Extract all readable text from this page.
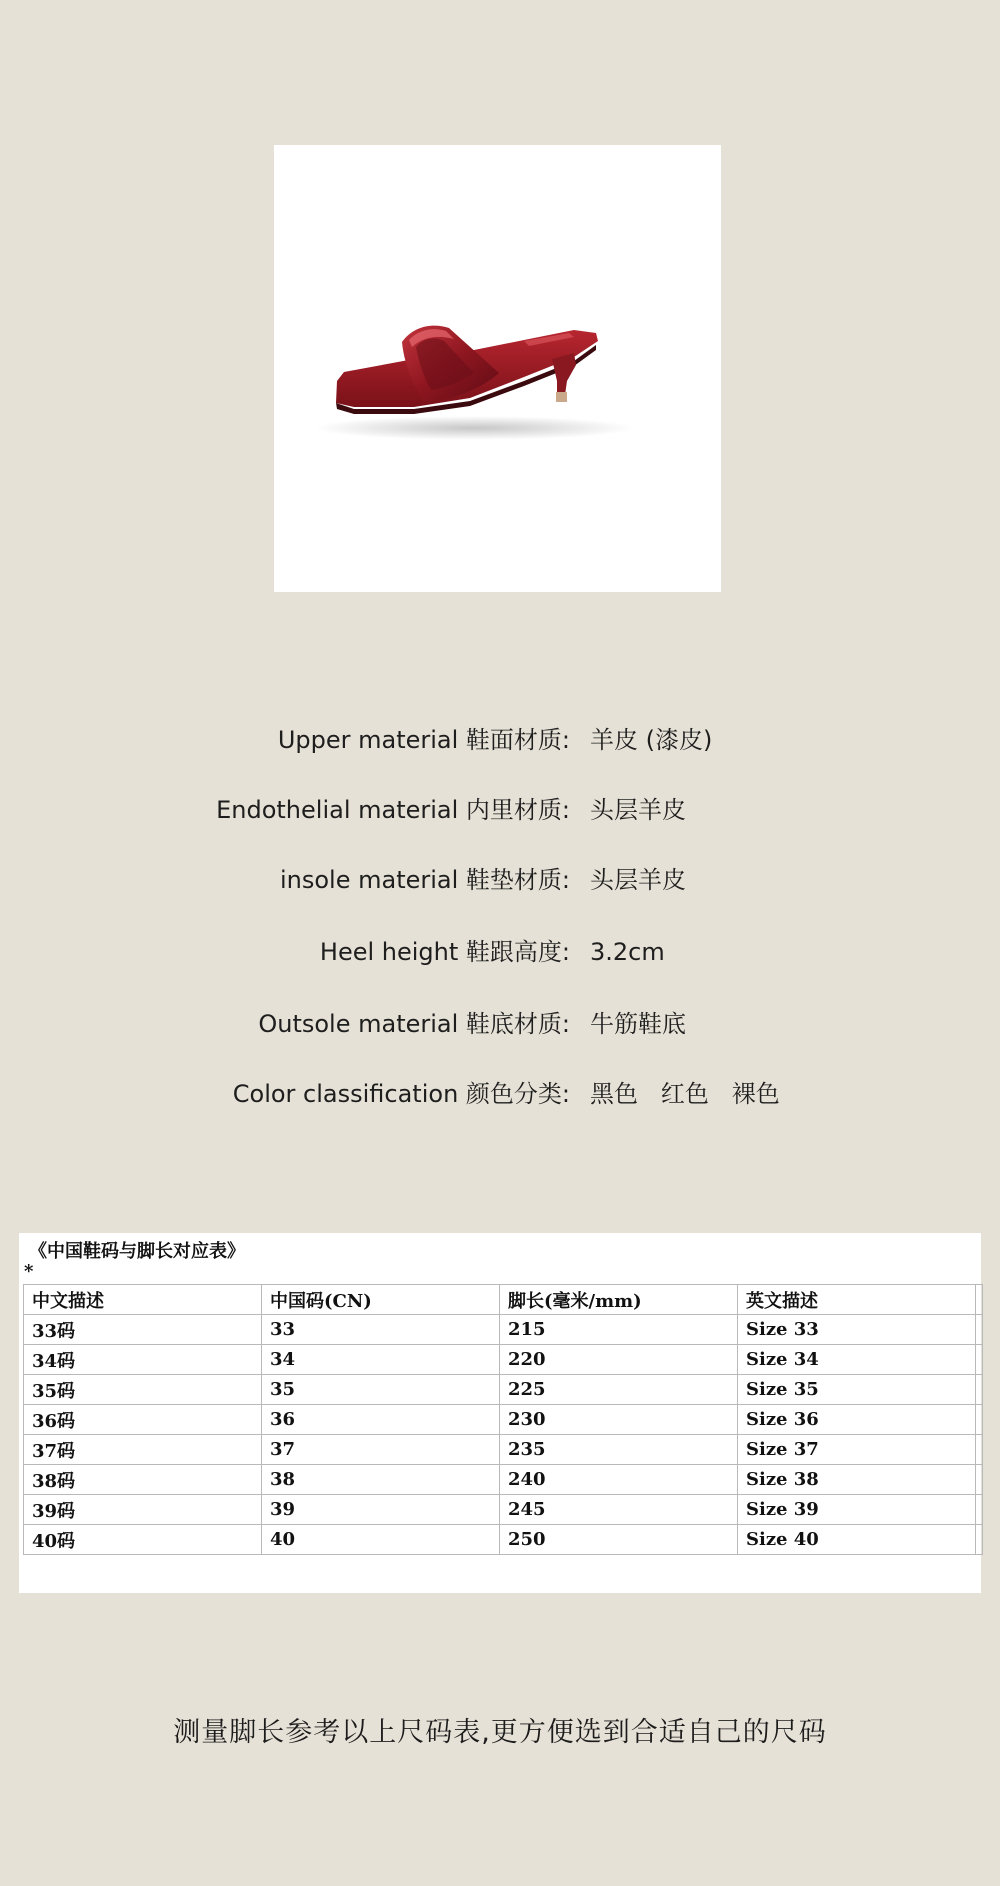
Upper material 鞋面材质: 羊皮 (漆皮)
Endothelial material 内里材质: 头层羊皮
insole material 鞋垫材质: 头层羊皮
Heel height 鞋跟高度: 3.2cm
Outsole material 鞋底材质: 牛筋鞋底
Color classification 颜色分类: 黑色   红色   裸色
《中国鞋码与脚长对应表》
*
中文描述	中国码(CN)	脚长(毫米/mm)	英文描述	
33码	33	215	Size 33	
34码	34	220	Size 34	
35码	35	225	Size 35	
36码	36	230	Size 36	
37码	37	235	Size 37	
38码	38	240	Size 38	
39码	39	245	Size 39	
40码	40	250	Size 40	
测量脚长参考以上尺码表,更方便选到合适自己的尺码
